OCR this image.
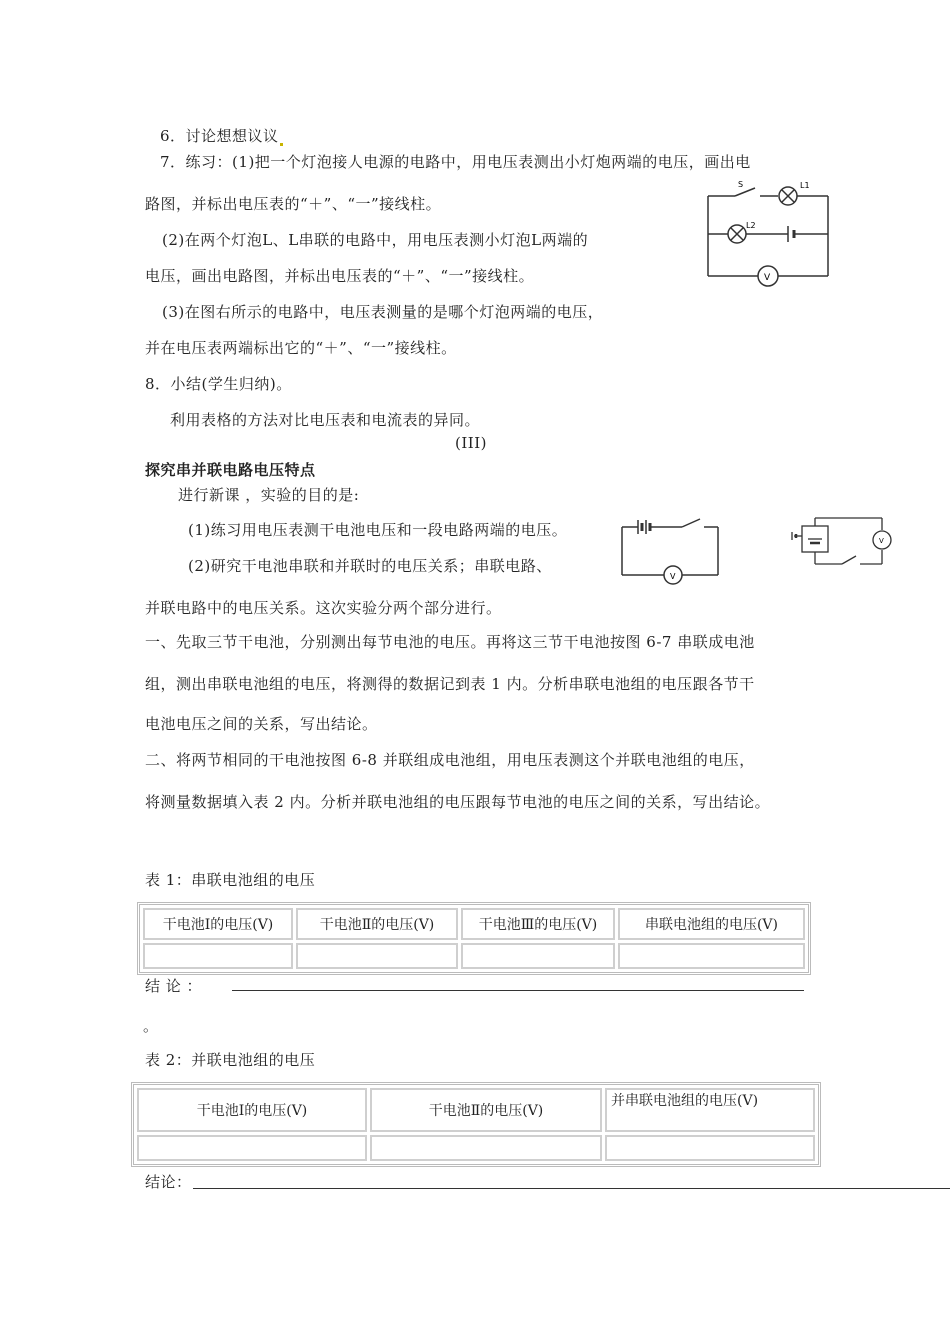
6．讨论想想议议
7．练习：(1)把一个灯泡接人电源的电路中，用电压表测出小灯炮两端的电压，画出电
路图，并标出电压表的“＋”、“一”接线柱。
(2)在两个灯泡L、L串联的电路中，用电压表测小灯泡L两端的
电压，画出电路图，并标出电压表的“＋”、“一”接线柱。
(3)在图右所示的电路中，电压表测量的是哪个灯泡两端的电压，
并在电压表两端标出它的“＋”、“一”接线柱。
S	L1
L2
V
8．小结(学生归纳)。
利用表格的方法对比电压表和电流表的异同。
(III)
探究串并联电路电压特点
进行新课 ，实验的目的是:
(1)练习用电压表测干电池电压和一段电路两端的电压。
(2)研究干电池串联和并联时的电压关系；串联电路、
并联电路中的电压关系。这次实验分两个部分进行。
V
V
一、先取三节干电池，分别测出每节电池的电压。再将这三节干电池按图 6-7 串联成电池
组，测出串联电池组的电压，将测得的数据记到表 1 内。分析串联电池组的电压跟各节干
电池电压之间的关系，写出结论。
二、将两节相同的干电池按图 6-8 并联组成电池组，用电压表测这个并联电池组的电压，
将测量数据填入表 2 内。分析并联电池组的电压跟每节电池的电压之间的关系，写出结论。
表 1：串联电池组的电压
干电池Ⅰ的电压(V)	干电池Ⅱ的电压(V)	干电池Ⅲ的电压(V)	串联电池组的电压(V)

结 论 ：
。
表 2：并联电池组的电压
干电池Ⅰ的电压(V)	干电池Ⅱ的电压(V)	并串联电池组的电压(V)

结论：
